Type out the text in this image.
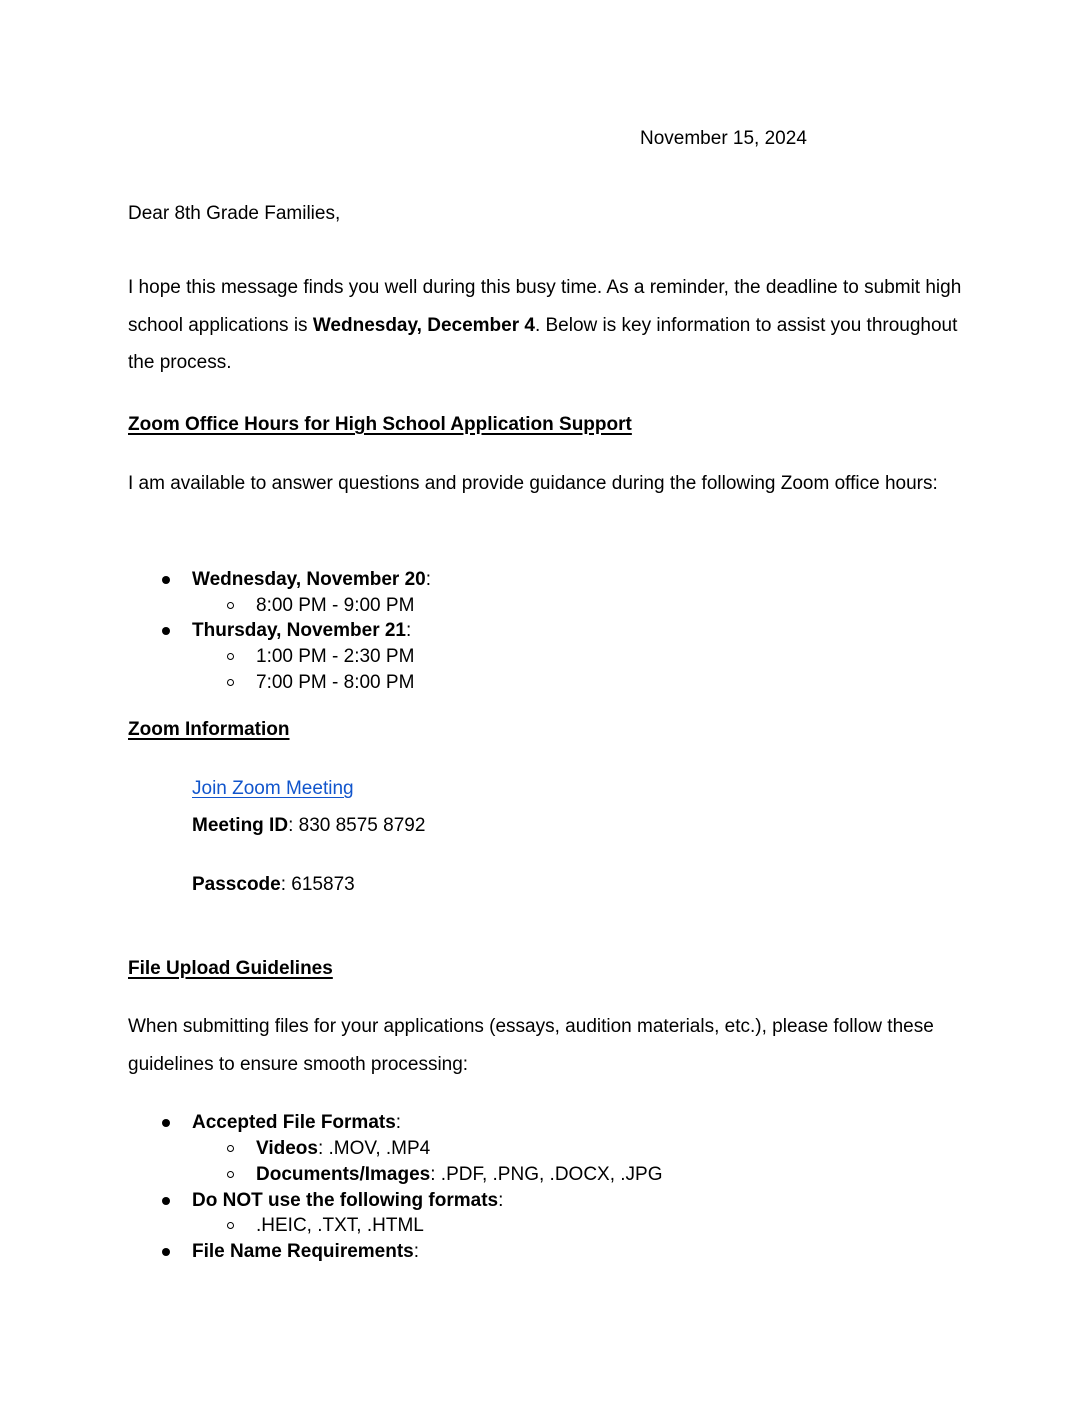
November 15, 2024
Dear 8th Grade Families,

I hope this message finds you well during this busy time. As a reminder, the deadline to submit high school applications is Wednesday, December 4. Below is key information to assist you throughout the process.

Zoom Office Hours for High School Application Support

I am available to answer questions and provide guidance during the following Zoom office hours:

Wednesday, November 20:
8:00 PM - 9:00 PM
Thursday, November 21:
1:00 PM - 2:30 PM
7:00 PM - 8:00 PM
Zoom Information
Join Zoom Meeting
Meeting ID: 830 8575 8792
Passcode: 615873
File Upload Guidelines

When submitting files for your applications (essays, audition materials, etc.), please follow these guidelines to ensure smooth processing:

Accepted File Formats:
Videos: .MOV, .MP4
Documents/Images: .PDF, .PNG, .DOCX, .JPG
Do NOT use the following formats:
.HEIC, .TXT, .HTML
File Name Requirements:
